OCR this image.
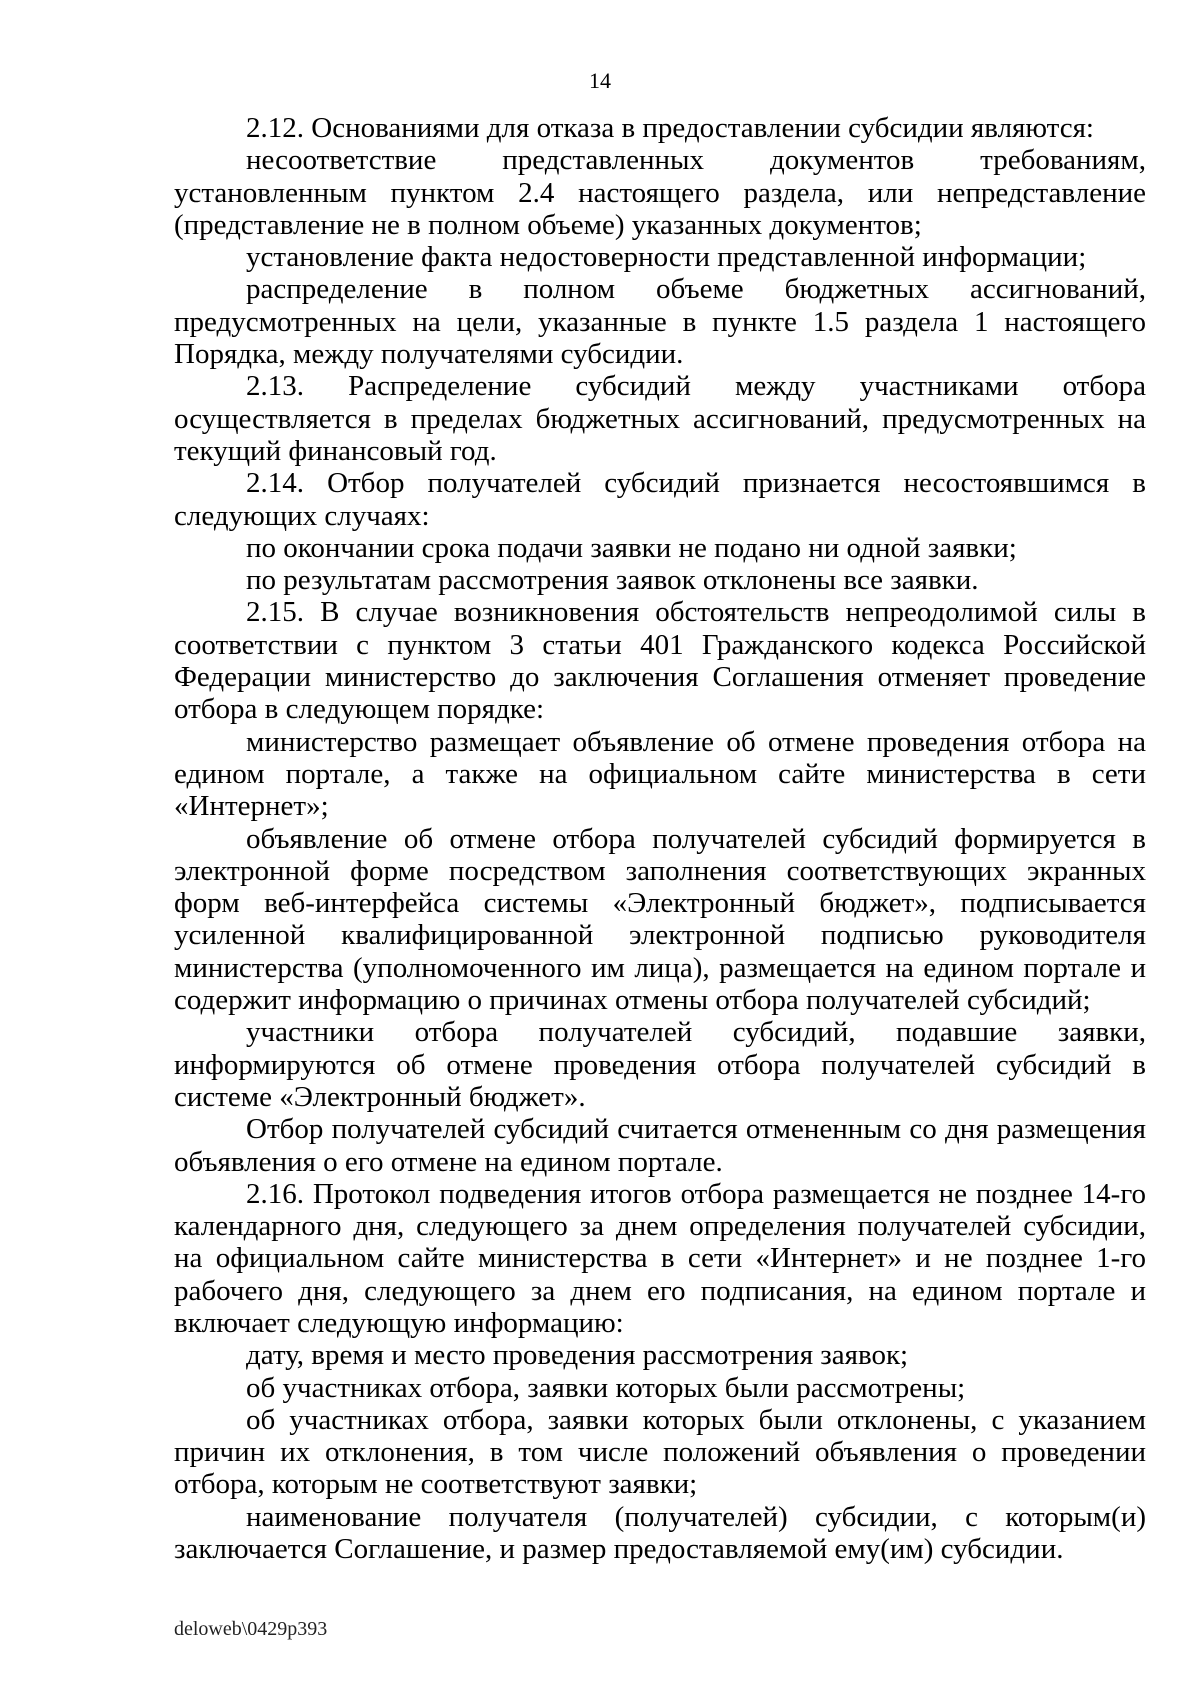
14

2.12. Основаниями для отказа в предоставлении субсидии являются:

несоответствие представленных документов требованиям, установленным пунктом 2.4 настоящего раздела, или непредставление (представление не в полном объеме) указанных документов;

установление факта недостоверности представленной информации;

распределение в полном объеме бюджетных ассигнований, предусмотренных на цели, указанные в пункте 1.5 раздела 1 настоящего Порядка, между получателями субсидии.

2.13. Распределение субсидий между участниками отбора осуществляется в пределах бюджетных ассигнований, предусмотренных на текущий финансовый год.

2.14. Отбор получателей субсидий признается несостоявшимся в следующих случаях:

по окончании срока подачи заявки не подано ни одной заявки;

по результатам рассмотрения заявок отклонены все заявки.

2.15. В случае возникновения обстоятельств непреодолимой силы в соответствии с пунктом 3 статьи 401 Гражданского кодекса Российской Федерации министерство до заключения Соглашения отменяет проведение отбора в следующем порядке:

министерство размещает объявление об отмене проведения отбора на едином портале, а также на официальном сайте министерства в сети «Интернет»;

объявление об отмене отбора получателей субсидий формируется в электронной форме посредством заполнения соответствующих экранных форм веб-интерфейса системы «Электронный бюджет», подписывается усиленной квалифицированной электронной подписью руководителя министерства (уполномоченного им лица), размещается на едином портале и содержит информацию о причинах отмены отбора получателей субсидий;

участники отбора получателей субсидий, подавшие заявки, информируются об отмене проведения отбора получателей субсидий в системе «Электронный бюджет».

Отбор получателей субсидий считается отмененным со дня размещения объявления о его отмене на едином портале.

2.16. Протокол подведения итогов отбора размещается не позднее 14-го календарного дня, следующего за днем определения получателей субсидии, на официальном сайте министерства в сети «Интернет» и не позднее 1-го рабочего дня, следующего за днем его подписания, на едином портале и включает следующую информацию:

дату, время и место проведения рассмотрения заявок;

об участниках отбора, заявки которых были рассмотрены;

об участниках отбора, заявки которых были отклонены, с указанием причин их отклонения, в том числе положений объявления о проведении отбора, которым не соответствуют заявки;

наименование получателя (получателей) субсидии, с которым(и) заключается Соглашение, и размер предоставляемой ему(им) субсидии.

deloweb\0429p393
